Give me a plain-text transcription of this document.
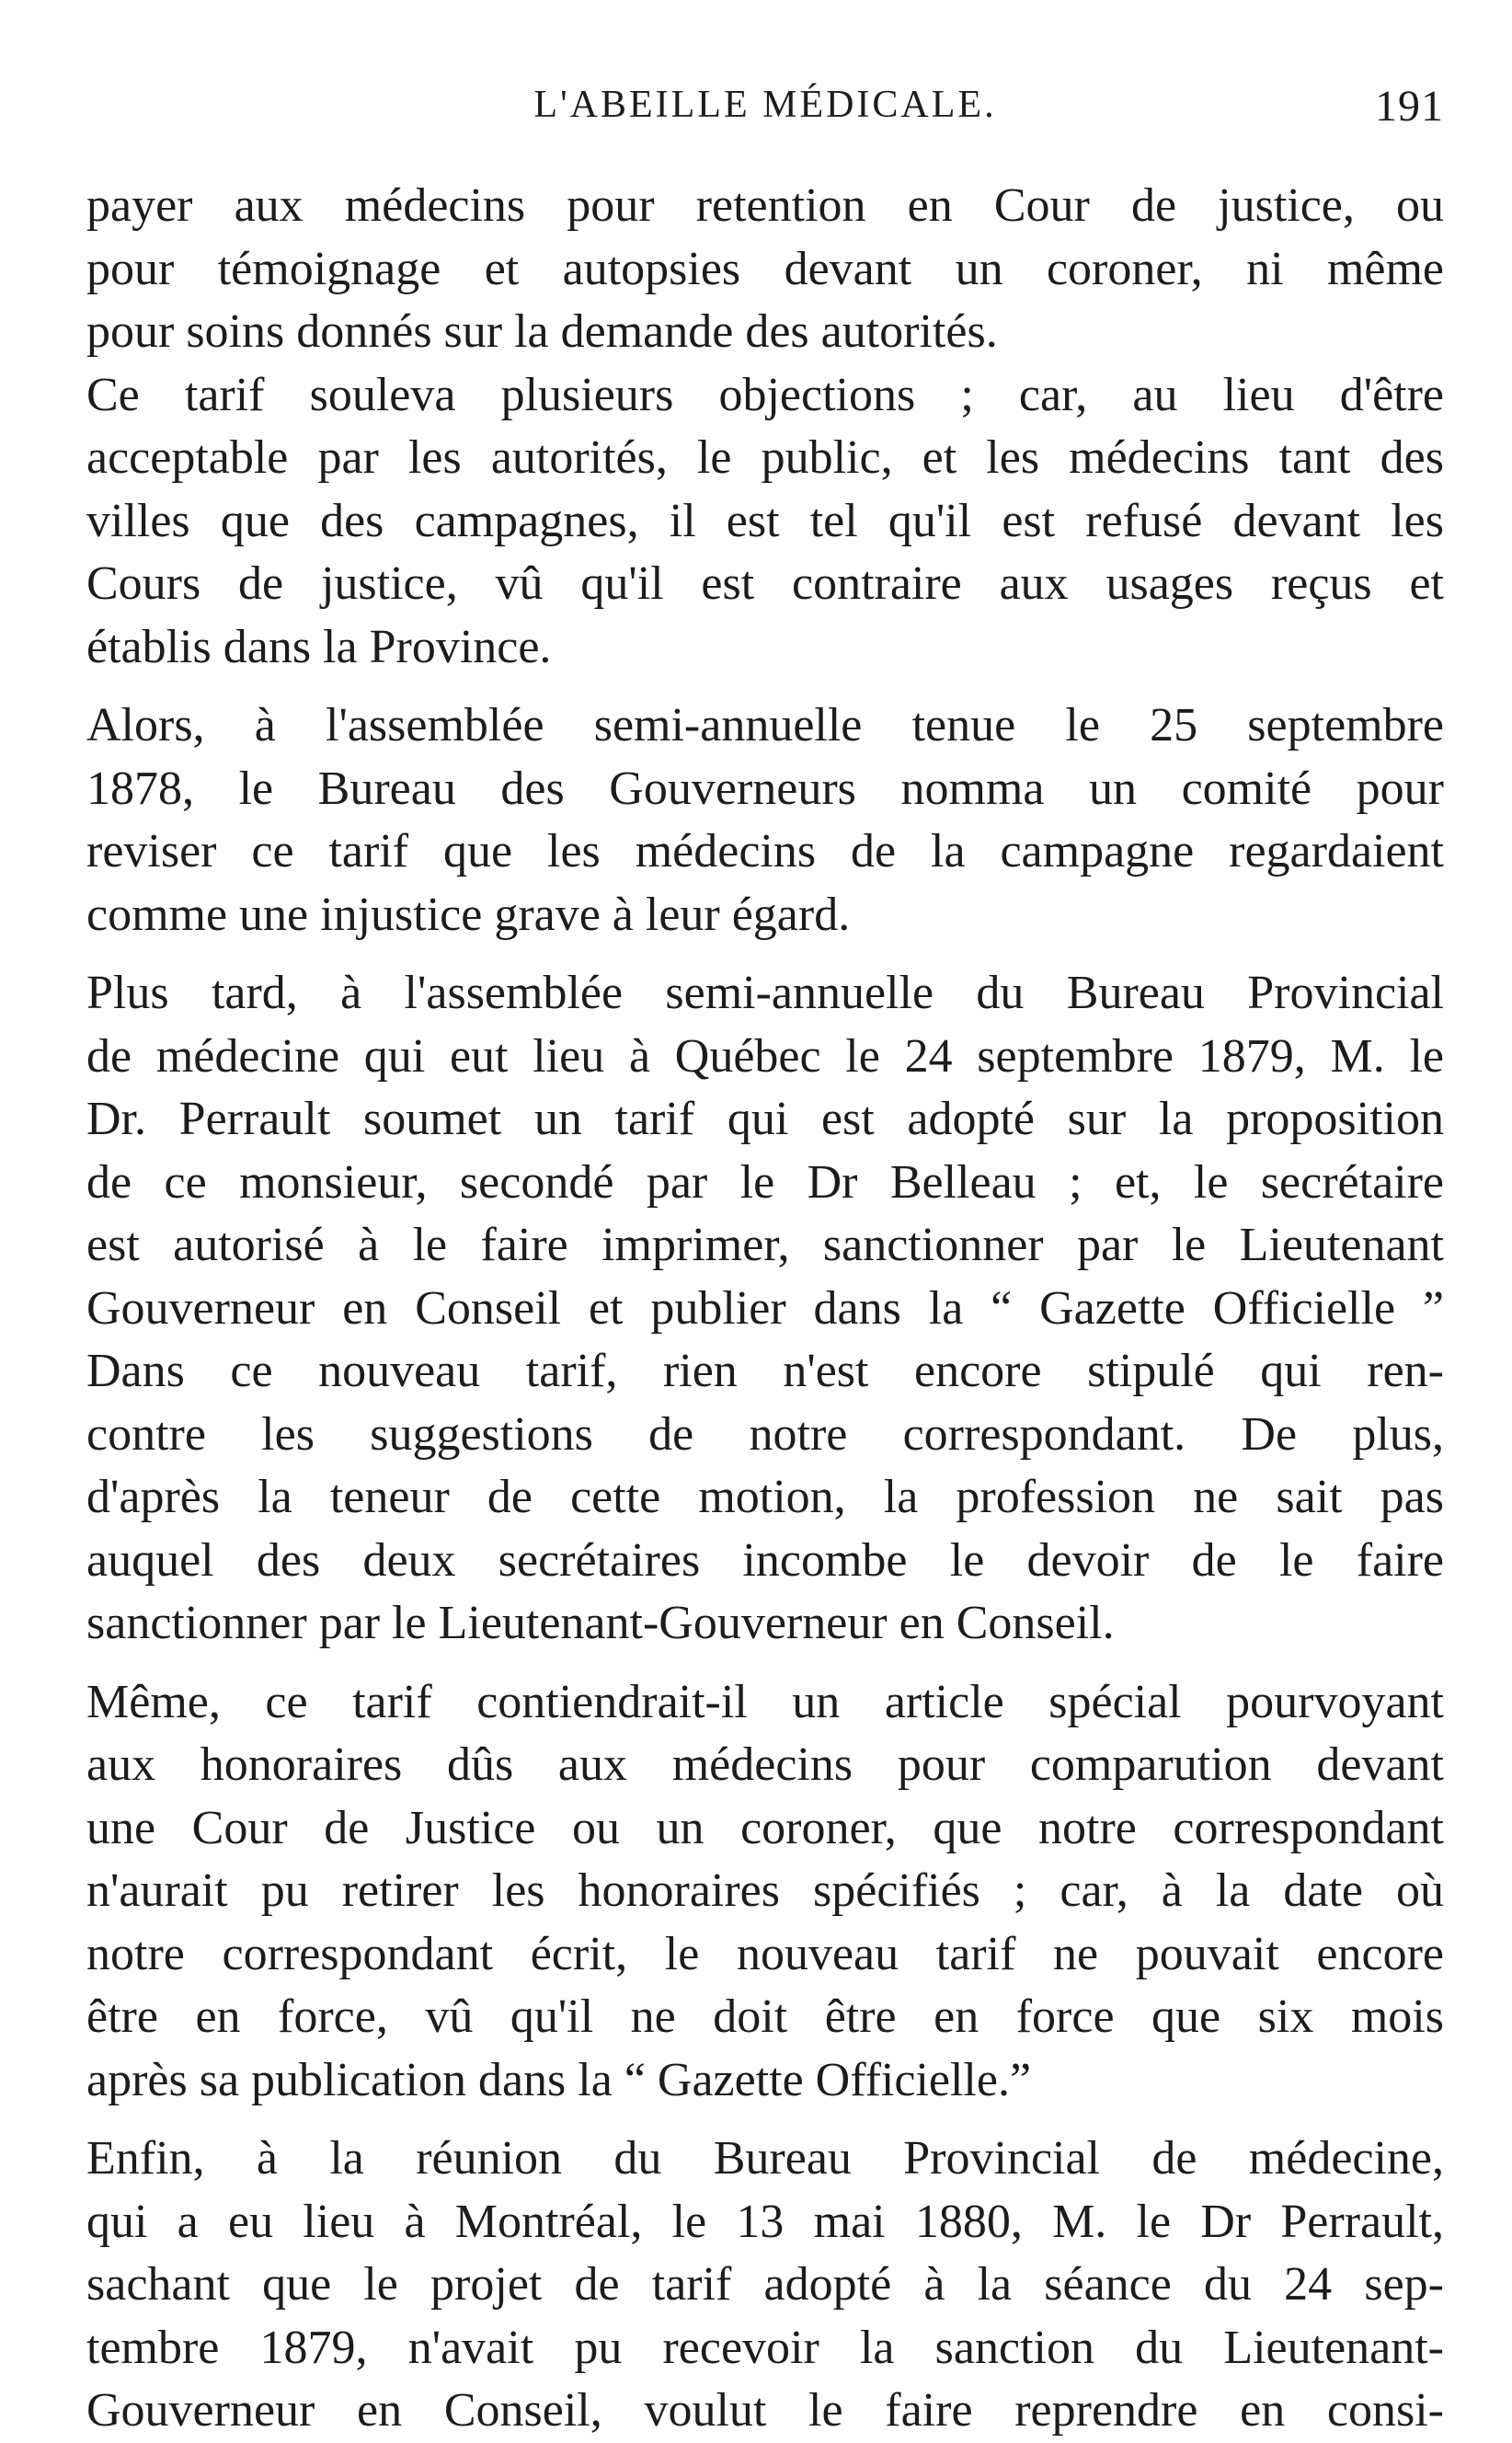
L'ABEILLE MÉDICALE.	191

payer aux médecins pour retention en Cour de justice, ou
pour témoignage et autopsies devant un coroner, ni même
pour soins donnés sur la demande des autorités.

Ce tarif souleva plusieurs objections ; car, au lieu d'être
acceptable par les autorités, le public, et les médecins tant des
villes que des campagnes, il est tel qu'il est refusé devant les
Cours de justice, vû qu'il est contraire aux usages reçus et
établis dans la Province.

Alors, à l'assemblée semi-annuelle tenue le 25 septembre
1878, le Bureau des Gouverneurs nomma un comité pour
reviser ce tarif que les médecins de la campagne regardaient
comme une injustice grave à leur égard.

Plus tard, à l'assemblée semi-annuelle du Bureau Provincial
de médecine qui eut lieu à Québec le 24 septembre 1879, M. le
Dr. Perrault soumet un tarif qui est adopté sur la proposition
de ce monsieur, secondé par le Dr Belleau ; et, le secrétaire
est autorisé à le faire imprimer, sanctionner par le Lieutenant
Gouverneur en Conseil et publier dans la “ Gazette Officielle ”

Dans ce nouveau tarif, rien n'est encore stipulé qui ren-
contre les suggestions de notre correspondant. De plus,
d'après la teneur de cette motion, la profession ne sait pas
auquel des deux secrétaires incombe le devoir de le faire
sanctionner par le Lieutenant-Gouverneur en Conseil.

Même, ce tarif contiendrait-il un article spécial pourvoyant
aux honoraires dûs aux médecins pour comparution devant
une Cour de Justice ou un coroner, que notre correspondant
n'aurait pu retirer les honoraires spécifiés ; car, à la date où
notre correspondant écrit, le nouveau tarif ne pouvait encore
être en force, vû qu'il ne doit être en force que six mois
après sa publication dans la “ Gazette Officielle.”

Enfin, à la réunion du Bureau Provincial de médecine,
qui a eu lieu à Montréal, le 13 mai 1880, M. le Dr Perrault,
sachant que le projet de tarif adopté à la séance du 24 sep-
tembre 1879, n'avait pu recevoir la sanction du Lieutenant-
Gouverneur en Conseil, voulut le faire reprendre en consi-
